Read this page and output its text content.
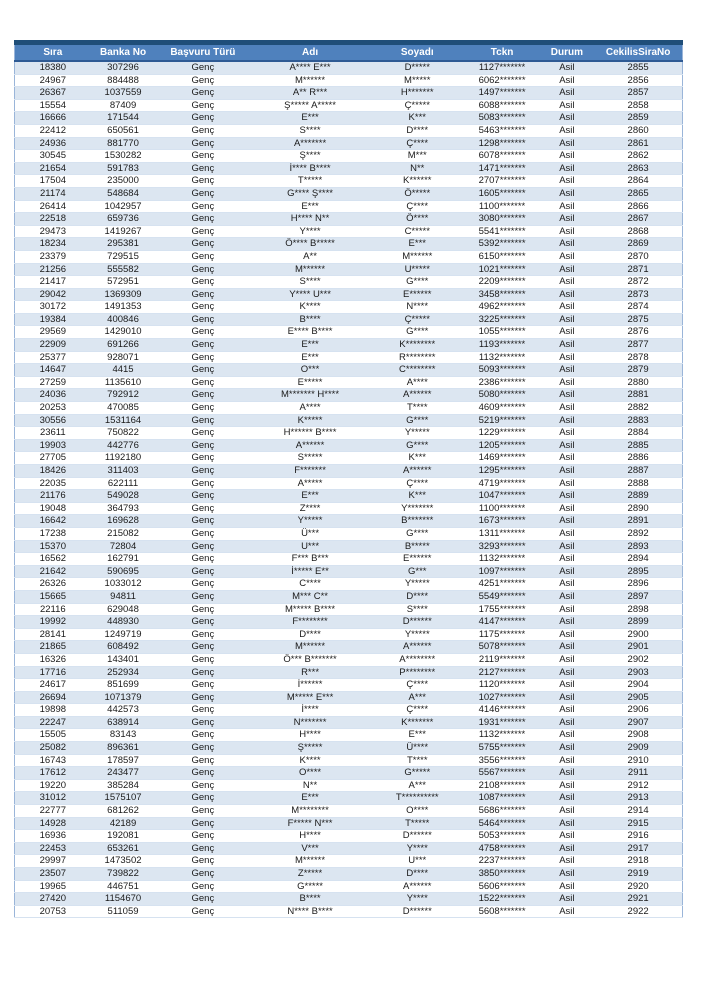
Sıra	Banka No	Başvuru Türü	Adı	Soyadı	Tckn	Durum	CekilisSiraNo
18380	307296	Genç	A**** E***	D*****	1127*******	Asil	2855
24967	884488	Genç	M******	M*****	6062*******	Asil	2856
26367	1037559	Genç	A** R***	H*******	1497*******	Asil	2857
15554	87409	Genç	Ş***** A*****	Ç*****	6088*******	Asil	2858
16666	171544	Genç	E***	K***	5083*******	Asil	2859
22412	650561	Genç	S****	D****	5463*******	Asil	2860
24936	881770	Genç	A*******	Ç****	1298*******	Asil	2861
30545	1530282	Genç	Ş****	M***	6078*******	Asil	2862
21654	591783	Genç	İ**** B****	N**	1471*******	Asil	2863
17504	235000	Genç	T*****	K******	2707*******	Asil	2864
21174	548684	Genç	G**** Ş****	Ö*****	1605*******	Asil	2865
26414	1042957	Genç	E***	Ç****	1100*******	Asil	2866
22518	659736	Genç	H**** N**	Ö****	3080*******	Asil	2867
29473	1419267	Genç	Y****	C*****	5541*******	Asil	2868
18234	295381	Genç	Ö**** B*****	E***	5392*******	Asil	2869
23379	729515	Genç	A**	M******	6150*******	Asil	2870
21256	555582	Genç	M******	U*****	1021*******	Asil	2871
21417	572951	Genç	S****	G****	2209*******	Asil	2872
29042	1369309	Genç	Y**** U***	E******	3458*******	Asil	2873
30172	1491353	Genç	K****	N****	4962*******	Asil	2874
19384	400846	Genç	B****	Ç*****	3225*******	Asil	2875
29569	1429010	Genç	E**** B****	G****	1055*******	Asil	2876
22909	691266	Genç	E***	K********	1193*******	Asil	2877
25377	928071	Genç	E***	R********	1132*******	Asil	2878
14647	4415	Genç	O***	C********	5093*******	Asil	2879
27259	1135610	Genç	E*****	A****	2386*******	Asil	2880
24036	792912	Genç	M******* H****	A******	5080*******	Asil	2881
20253	470085	Genç	A****	T****	4609*******	Asil	2882
30556	1531164	Genç	K*****	G****	5219*******	Asil	2883
23611	750822	Genç	H****** B****	Y*****	1229*******	Asil	2884
19903	442776	Genç	A******	G****	1205*******	Asil	2885
27705	1192180	Genç	S*****	K***	1469*******	Asil	2886
18426	311403	Genç	F*******	A******	1295*******	Asil	2887
22035	622111	Genç	A*****	Ç****	4719*******	Asil	2888
21176	549028	Genç	E***	K***	1047*******	Asil	2889
19048	364793	Genç	Z****	Y*******	1100*******	Asil	2890
16642	169628	Genç	Y*****	B*******	1673*******	Asil	2891
17238	215082	Genç	Ü***	G****	1311*******	Asil	2892
15370	72804	Genç	U***	B*****	3293*******	Asil	2893
16562	162791	Genç	F*** B***	E******	1132*******	Asil	2894
21642	590695	Genç	İ***** E**	G***	1097*******	Asil	2895
26326	1033012	Genç	C****	Y*****	4251*******	Asil	2896
15665	94811	Genç	M*** C**	D****	5549*******	Asil	2897
22116	629048	Genç	M***** B****	S****	1755*******	Asil	2898
19992	448930	Genç	F********	D******	4147*******	Asil	2899
28141	1249719	Genç	D****	Y*****	1175*******	Asil	2900
21865	608492	Genç	M******	A******	5078*******	Asil	2901
16326	143401	Genç	Ö*** B*******	A********	2119*******	Asil	2902
17716	252934	Genç	R***	P********	2127*******	Asil	2903
24617	851699	Genç	İ******	Ç****	1120*******	Asil	2904
26694	1071379	Genç	M***** E***	A***	1027*******	Asil	2905
19898	442573	Genç	İ****	Ç****	4146*******	Asil	2906
22247	638914	Genç	N*******	K*******	1931*******	Asil	2907
15505	83143	Genç	H****	E***	1132*******	Asil	2908
25082	896361	Genç	Ş*****	Ü****	5755*******	Asil	2909
16743	178597	Genç	K****	T****	3556*******	Asil	2910
17612	243477	Genç	O****	G*****	5567*******	Asil	2911
19220	385284	Genç	N**	A***	2108*******	Asil	2912
31012	1575107	Genç	E***	T**********	1087*******	Asil	2913
22777	681262	Genç	M********	O****	5686*******	Asil	2914
14928	42189	Genç	F***** N***	T*****	5464*******	Asil	2915
16936	192081	Genç	H****	D******	5053*******	Asil	2916
22453	653261	Genç	V***	Y****	4758*******	Asil	2917
29997	1473502	Genç	M******	U***	2237*******	Asil	2918
23507	739822	Genç	Z*****	D****	3850*******	Asil	2919
19965	446751	Genç	G*****	A******	5606*******	Asil	2920
27420	1154670	Genç	B****	Y****	1522*******	Asil	2921
20753	511059	Genç	N**** B****	D******	5608*******	Asil	2922
